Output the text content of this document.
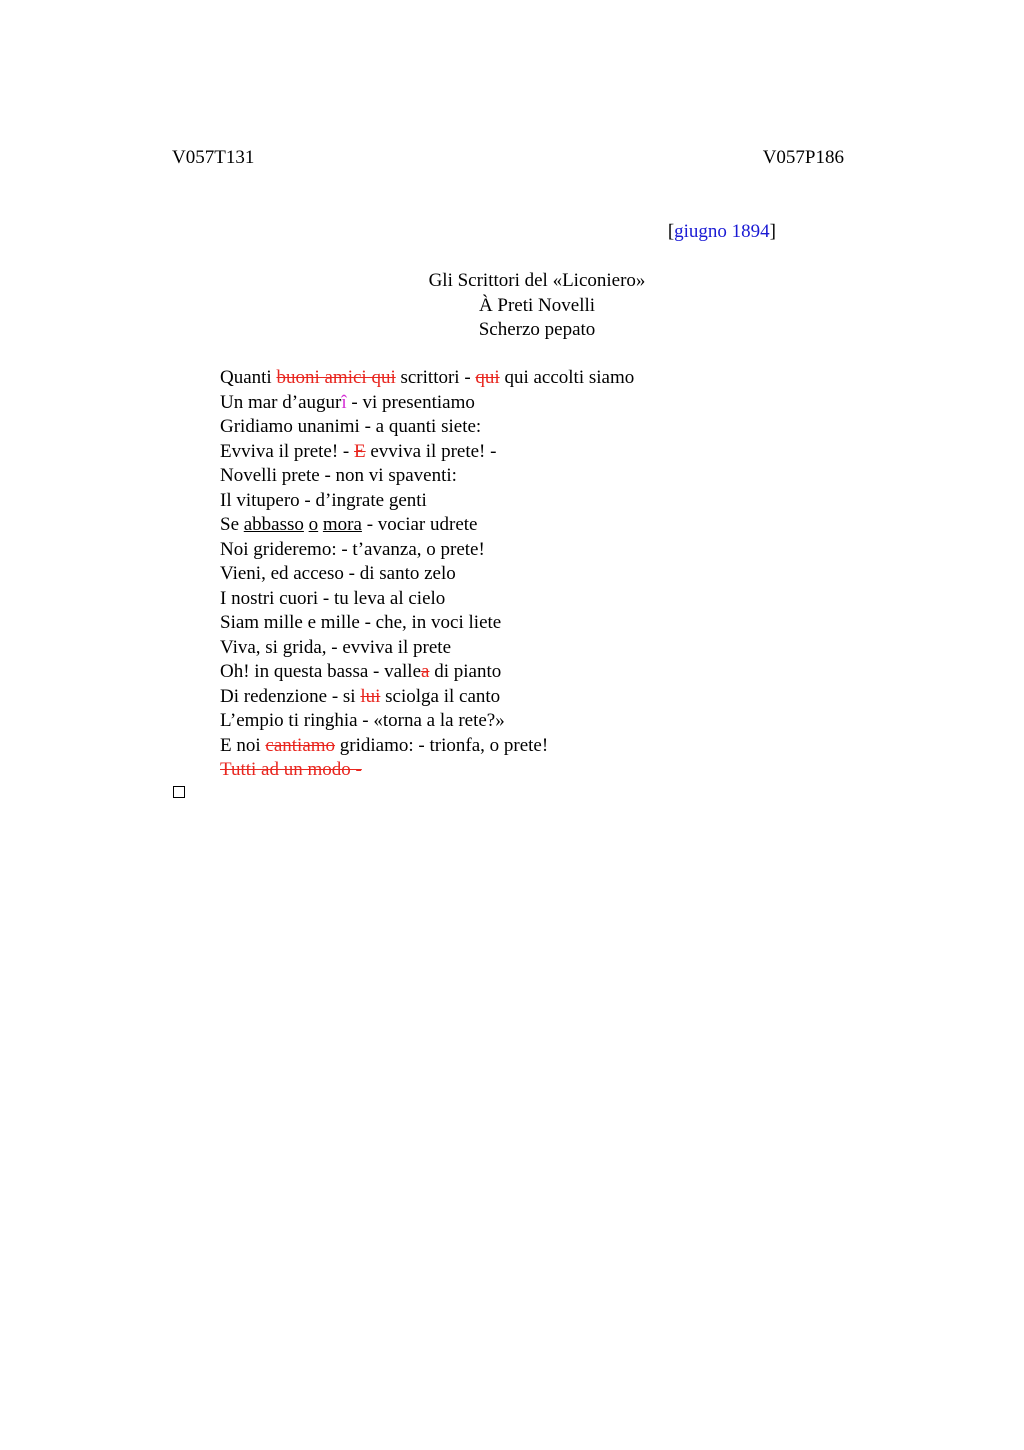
V057T131	V057P186
[giugno 1894]
Gli Scrittori del «Liconiero»
À Preti Novelli
Scherzo pepato
Quanti buoni amici qui scrittori - qui qui accolti siamo
Un mar d’augurî - vi presentiamo
Gridiamo unanimi - a quanti siete:
Evviva il prete! - E evviva il prete! -
Novelli prete - non vi spaventi:
Il vitupero - d’ingrate genti
Se abbasso o mora - vociar udrete
Noi grideremo: - t’avanza, o prete!
Vieni, ed acceso - di santo zelo
I nostri cuori - tu leva al cielo
Siam mille e mille - che, in voci liete
Viva, si grida, - evviva il prete
Oh! in questa bassa - vallea di pianto
Di redenzione - si lui sciolga il canto
L’empio ti ringhia - «torna a la rete?»
E noi cantiamo gridiamo: - trionfa, o prete!
Tutti ad un modo -
